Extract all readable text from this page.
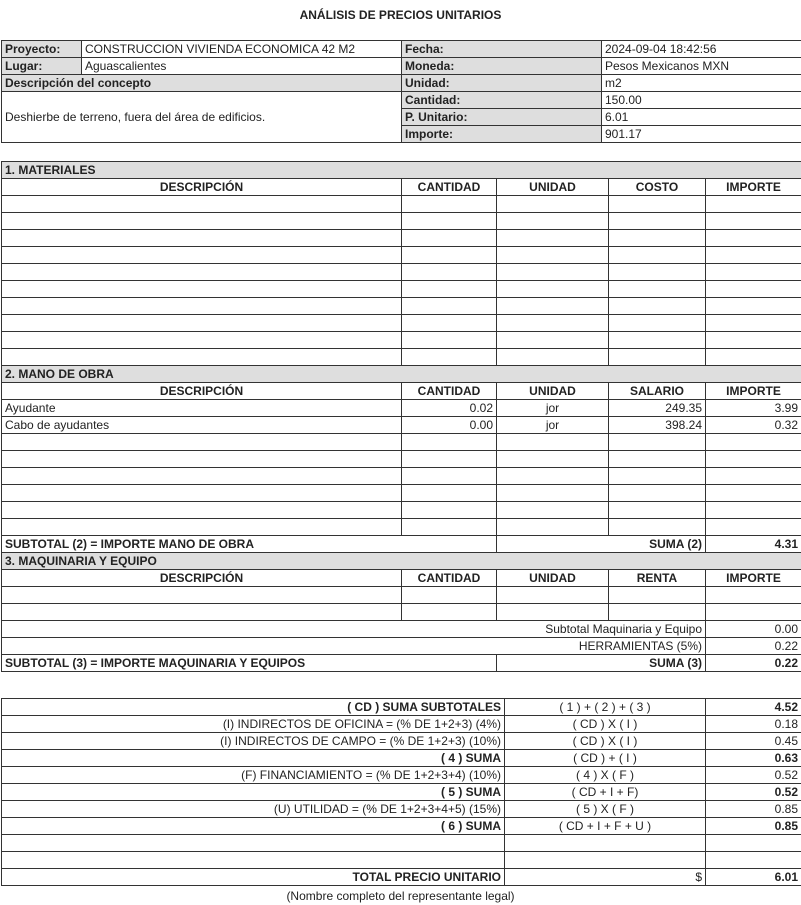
ANÁLISIS DE PRECIOS UNITARIOS
Proyecto:	CONSTRUCCION VIVIENDA ECONOMICA 42 M2	Fecha:	2024-09-04 18:42:56
Lugar:	Aguascalientes	Moneda:	Pesos Mexicanos MXN
Descripción del concepto		Unidad:	m2
Deshierbe de terreno, fuera del área de edificios.		Cantidad:	150.00
		P. Unitario:	6.01
		Importe:	901.17
1. MATERIALES				
DESCRIPCIÓN	CANTIDAD	UNIDAD	COSTO	IMPORTE

2. MANO DE OBRA				
DESCRIPCIÓN	CANTIDAD	UNIDAD	SALARIO	IMPORTE
Ayudante	0.02	jor	249.35	3.99
Cabo de ayudantes	0.00	jor	398.24	0.32

SUBTOTAL (2) = IMPORTE MANO DE OBRA		SUMA (2)		4.31
3. MAQUINARIA Y EQUIPO				
DESCRIPCIÓN	CANTIDAD	UNIDAD	RENTA	IMPORTE

Subtotal Maquinaria y Equipo				0.00
HERRAMIENTAS (5%)				0.22
SUBTOTAL (3) = IMPORTE MAQUINARIA Y EQUIPOS		SUMA (3)		0.22
( CD ) SUMA SUBTOTALES	( 1 ) + ( 2 ) + ( 3 )	4.52
(I) INDIRECTOS DE OFICINA = (% DE 1+2+3) (4%)	( CD ) X ( I )	0.18
(I) INDIRECTOS DE CAMPO = (% DE 1+2+3) (10%)	( CD ) X ( I )	0.45
( 4 ) SUMA	( CD ) + ( I )	0.63
(F) FINANCIAMIENTO = (% DE 1+2+3+4) (10%)	( 4 ) X ( F )	0.52
( 5 ) SUMA	( CD + I + F)	0.52
(U) UTILIDAD = (% DE 1+2+3+4+5) (15%)	( 5 ) X ( F )	0.85
( 6 ) SUMA	( CD + I + F + U )	0.85

TOTAL PRECIO UNITARIO	$	6.01
(Nombre completo del representante legal)
